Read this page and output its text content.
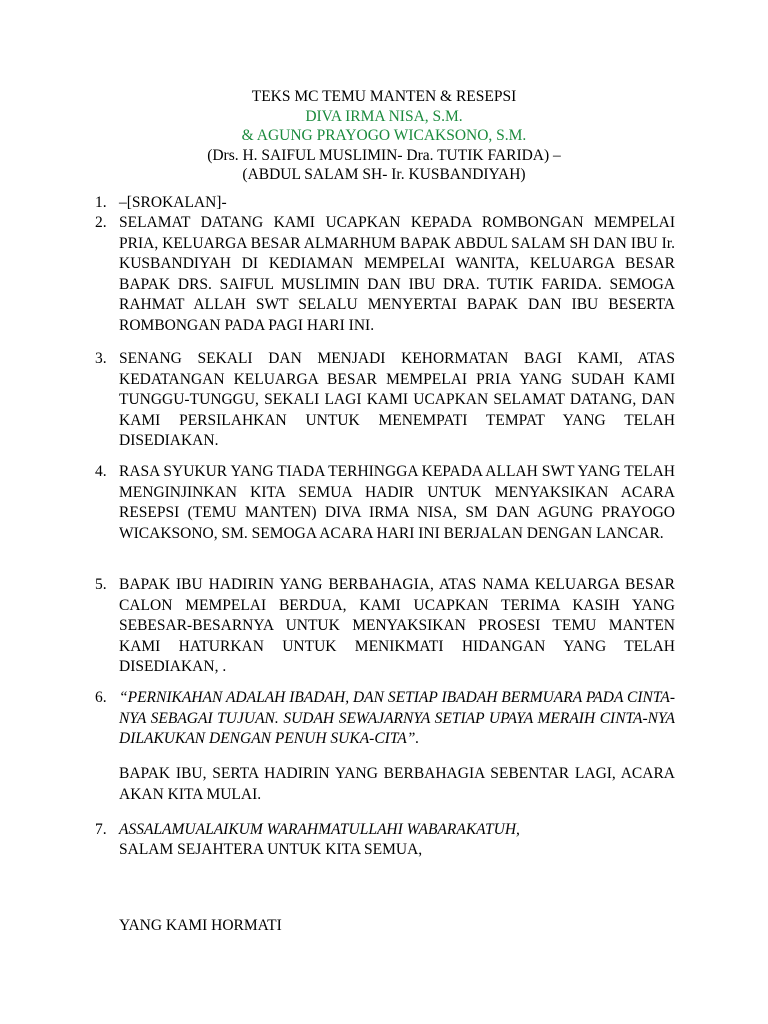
TEKS MC TEMU MANTEN & RESEPSI
DIVA IRMA NISA, S.M.
& AGUNG PRAYOGO WICAKSONO, S.M.
(Drs. H. SAIFUL MUSLIMIN- Dra. TUTIK FARIDA) –
(ABDUL SALAM SH- Ir. KUSBANDIYAH)
1. –[SROKALAN]-
2. SELAMAT DATANG KAMI UCAPKAN KEPADA ROMBONGAN MEMPELAI PRIA, KELUARGA BESAR ALMARHUM BAPAK ABDUL SALAM SH DAN IBU Ir. KUSBANDIYAH DI KEDIAMAN MEMPELAI WANITA, KELUARGA BESAR BAPAK DRS. SAIFUL MUSLIMIN DAN IBU DRA. TUTIK FARIDA. SEMOGA RAHMAT ALLAH SWT SELALU MENYERTAI BAPAK DAN IBU BESERTA ROMBONGAN PADA PAGI HARI INI.
3. SENANG SEKALI DAN MENJADI KEHORMATAN BAGI KAMI, ATAS KEDATANGAN KELUARGA BESAR MEMPELAI PRIA YANG SUDAH KAMI TUNGGU-TUNGGU, SEKALI LAGI KAMI UCAPKAN SELAMAT DATANG, DAN KAMI PERSILAHKAN UNTUK MENEMPATI TEMPAT YANG TELAH DISEDIAKAN.
4. RASA SYUKUR YANG TIADA TERHINGGA KEPADA ALLAH SWT YANG TELAH MENGINJINKAN KITA SEMUA HADIR UNTUK MENYAKSIKAN ACARA RESEPSI (TEMU MANTEN) DIVA IRMA NISA, SM DAN AGUNG PRAYOGO WICAKSONO, SM. SEMOGA ACARA HARI INI BERJALAN DENGAN LANCAR.
5. BAPAK IBU HADIRIN YANG BERBAHAGIA, ATAS NAMA KELUARGA BESAR CALON MEMPELAI BERDUA, KAMI UCAPKAN TERIMA KASIH YANG SEBESAR-BESARNYA UNTUK MENYAKSIKAN PROSESI TEMU MANTEN KAMI HATURKAN UNTUK MENIKMATI HIDANGAN YANG TELAH DISEDIAKAN, .
6. “PERNIKAHAN ADALAH IBADAH, DAN SETIAP IBADAH BERMUARA PADA CINTA-NYA SEBAGAI TUJUAN. SUDAH SEWAJARNYA SETIAP UPAYA MERAIH CINTA-NYA DILAKUKAN DENGAN PENUH SUKA-CITA”.
BAPAK IBU, SERTA HADIRIN YANG BERBAHAGIA SEBENTAR LAGI, ACARA AKAN KITA MULAI.
7. ASSALAMUALAIKUM WARAHMATULLAHI WABARAKATUH,
SALAM SEJAHTERA UNTUK KITA SEMUA,
YANG KAMI HORMATI
